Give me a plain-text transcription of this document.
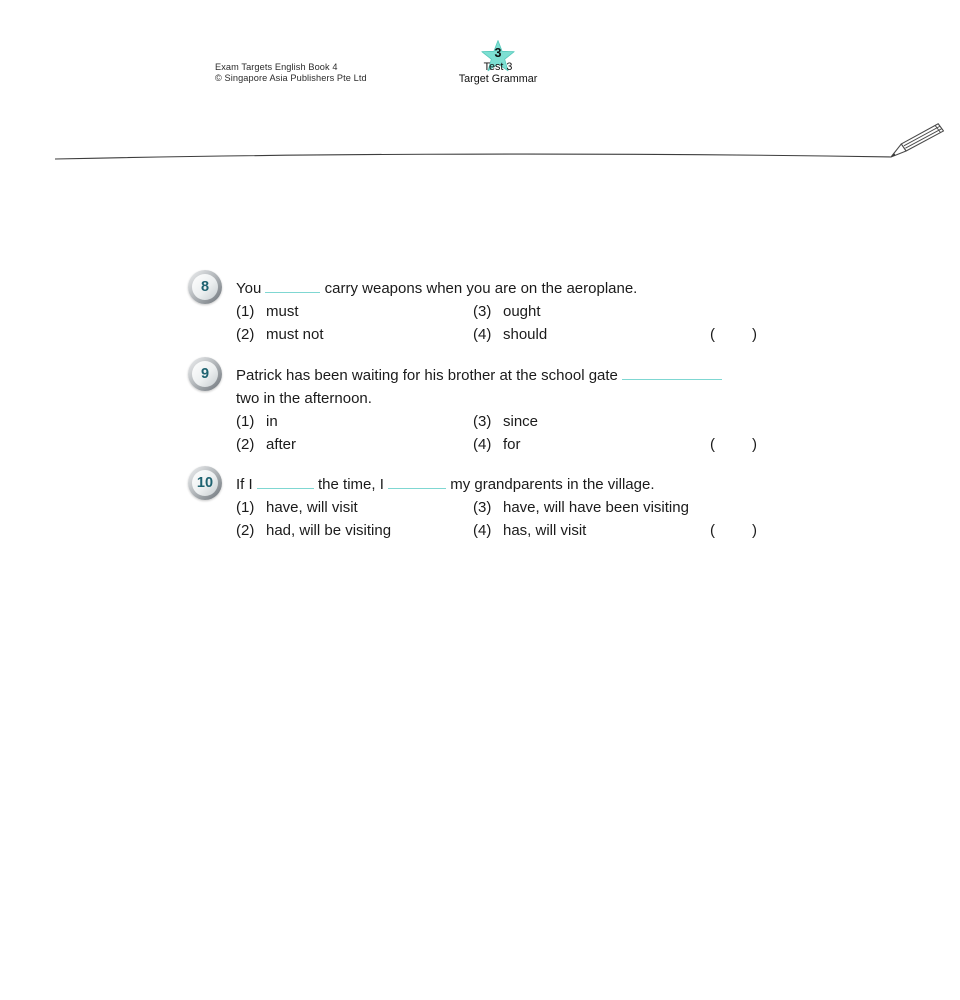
Exam Targets English Book 4
© Singapore Asia Publishers Pte Ltd
3
Test 3
Target Grammar
8	You	carry weapons when you are on the aeroplane.
(1) must	(3) ought
(2) must not	(4) should	( )
9	Patrick has been waiting for his brother at the school gate
two in the afternoon.
(1) in	(3) since
(2) after	(4) for	( )
10	If I	the time, I	my grandparents in the village.
(1) have, will visit	(3) have, will have been visiting
(2) had, will be visiting	(4) has, will visit	( )
